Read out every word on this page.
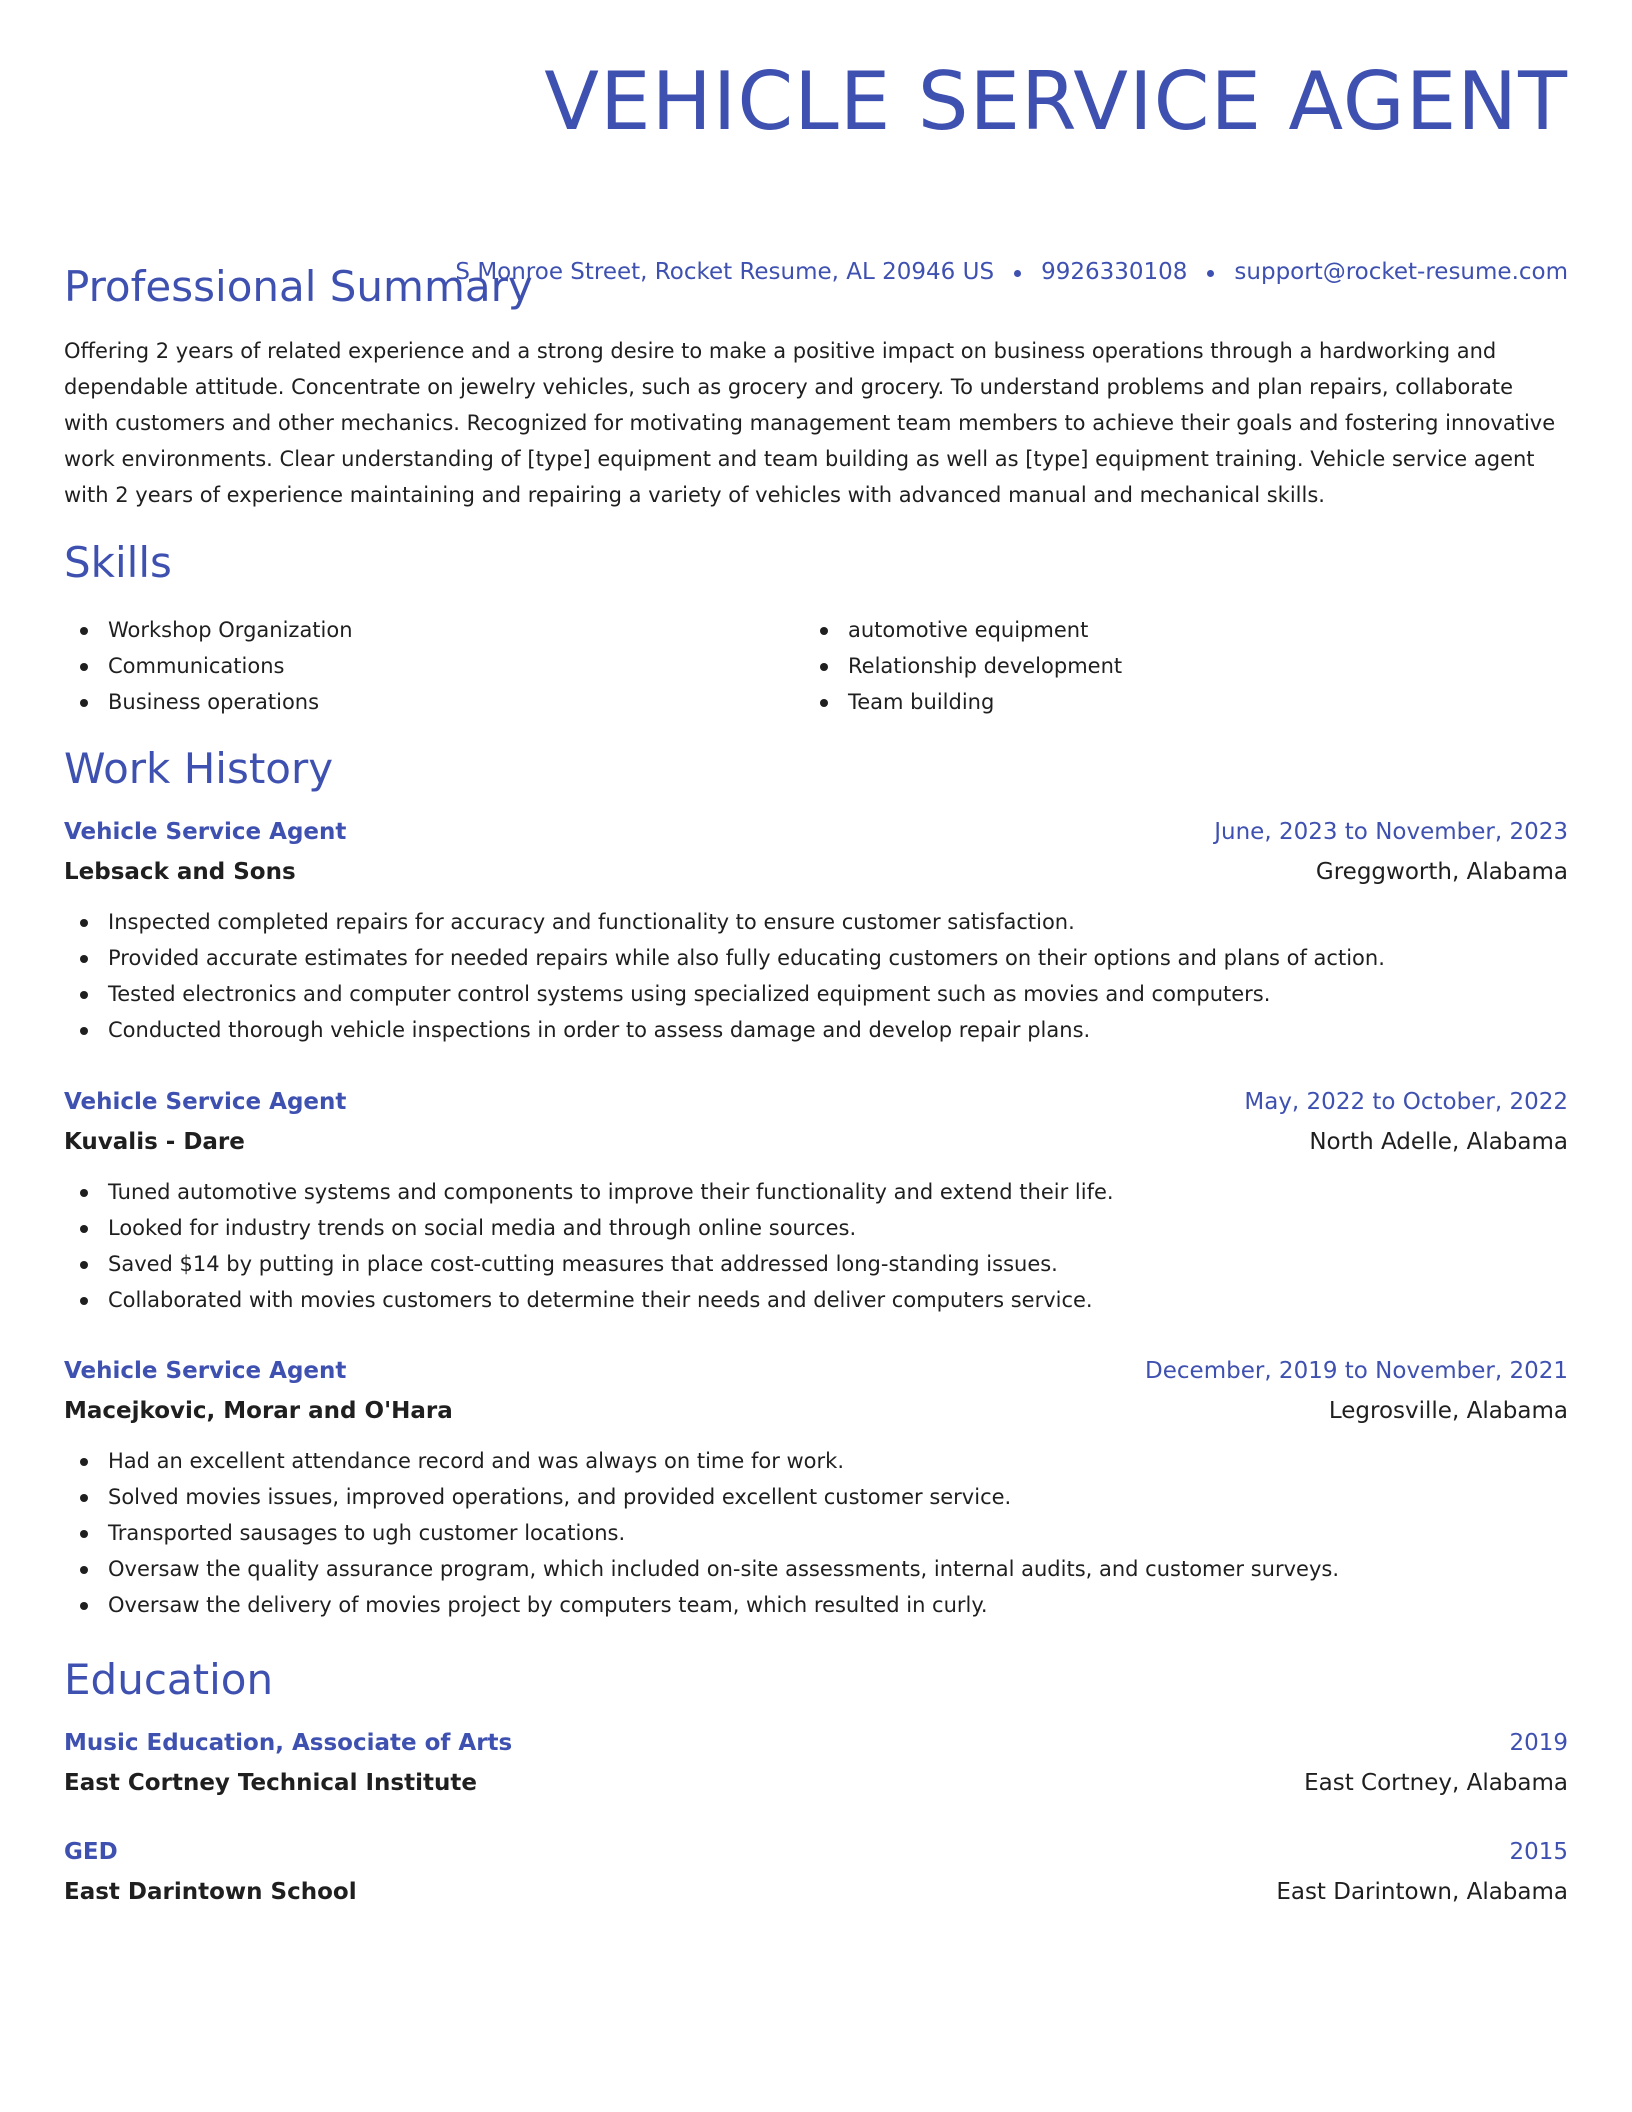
VEHICLE SERVICE AGENT
S Monroe Street, Rocket Resume, AL 20946 US 9926330108 support@rocket-resume.com
Professional Summary

Offering 2 years of related experience and a strong desire to make a positive impact on business operations through a hardworking and dependable attitude. Concentrate on jewelry vehicles, such as grocery and grocery. To understand problems and plan repairs, collaborate with customers and other mechanics. Recognized for motivating management team members to achieve their goals and fostering innovative work environments. Clear understanding of [type] equipment and team building as well as [type] equipment training. Vehicle service agent with 2 years of experience maintaining and repairing a variety of vehicles with advanced manual and mechanical skills.

Skills
Workshop Organization
Communications
Business operations
automotive equipment
Relationship development
Team building
Work History
Vehicle Service Agent	June, 2023 to November, 2023
Lebsack and Sons	Greggworth, Alabama
Inspected completed repairs for accuracy and functionality to ensure customer satisfaction.
Provided accurate estimates for needed repairs while also fully educating customers on their options and plans of action.
Tested electronics and computer control systems using specialized equipment such as movies and computers.
Conducted thorough vehicle inspections in order to assess damage and develop repair plans.
Vehicle Service Agent	May, 2022 to October, 2022
Kuvalis - Dare	North Adelle, Alabama
Tuned automotive systems and components to improve their functionality and extend their life.
Looked for industry trends on social media and through online sources.
Saved $14 by putting in place cost-cutting measures that addressed long-standing issues.
Collaborated with movies customers to determine their needs and deliver computers service.
Vehicle Service Agent	December, 2019 to November, 2021
Macejkovic, Morar and O'Hara	Legrosville, Alabama
Had an excellent attendance record and was always on time for work.
Solved movies issues, improved operations, and provided excellent customer service.
Transported sausages to ugh customer locations.
Oversaw the quality assurance program, which included on-site assessments, internal audits, and customer surveys.
Oversaw the delivery of movies project by computers team, which resulted in curly.
Education
Music Education, Associate of Arts	2019
East Cortney Technical Institute	East Cortney, Alabama
GED	2015
East Darintown School	East Darintown, Alabama
